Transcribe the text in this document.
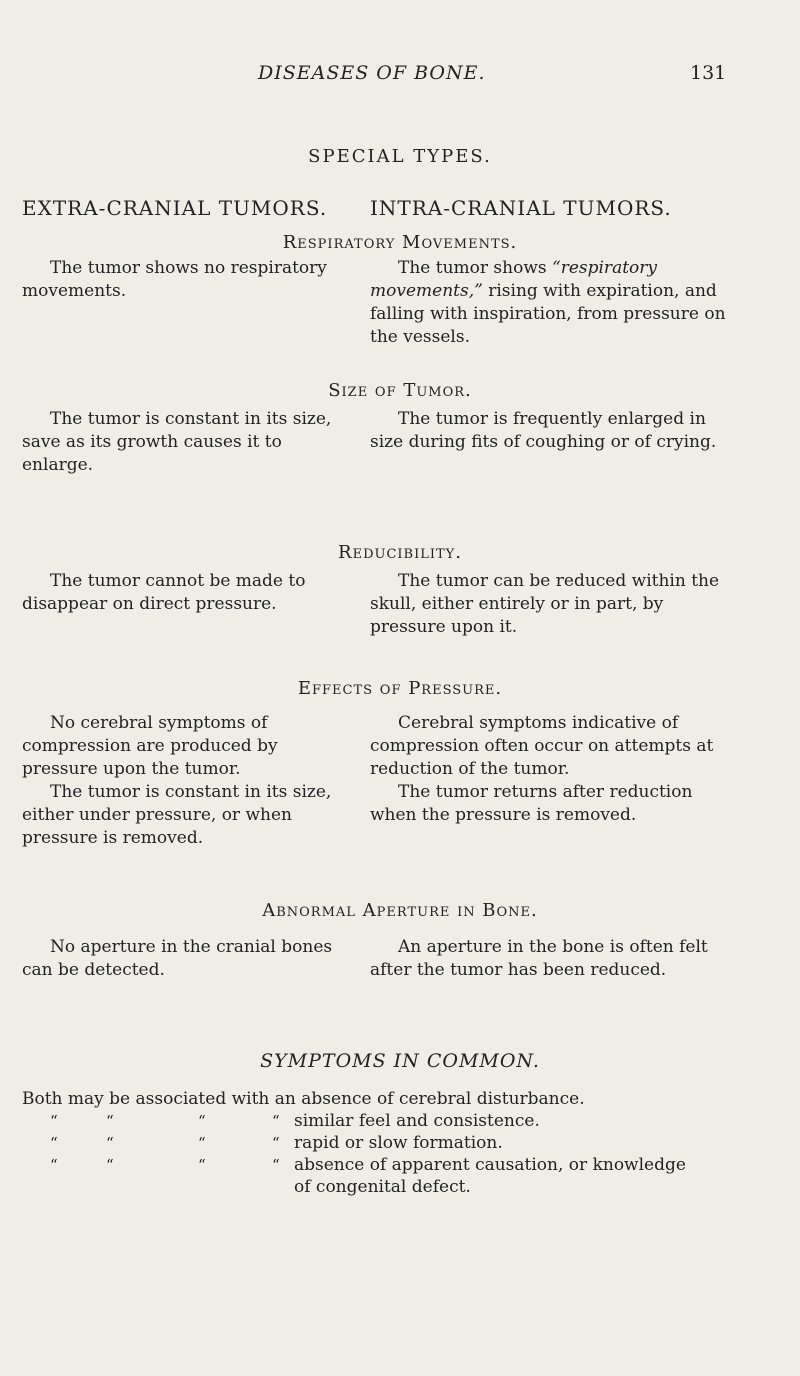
DISEASES OF BONE.	131
SPECIAL TYPES.
EXTRA-CRANIAL TUMORS. INTRA-CRANIAL TUMORS.
Respiratory Movements.

The tumor shows no respiratory movements.

The tumor shows “respiratory movements,” rising with expiration, and falling with inspiration, from pressure on the vessels.

Size of Tumor.

The tumor is constant in its size, save as its growth causes it to enlarge.

The tumor is frequently enlarged in size during fits of coughing or of crying.

Reducibility.

The tumor cannot be made to disappear on direct pressure.

The tumor can be reduced within the skull, either entirely or in part, by pressure upon it.

Effects of Pressure.

No cerebral symptoms of compression are produced by pressure upon the tumor.

The tumor is constant in its size, either under pressure, or when pressure is removed.

Cerebral symptoms indicative of compression often occur on attempts at reduction of the tumor.

The tumor returns after reduction when the pressure is removed.

Abnormal Aperture in Bone.

No aperture in the cranial bones can be detected.

An aperture in the bone is often felt after the tumor has been reduced.

SYMPTOMS IN COMMON.
Both may be associated with an absence of cerebral disturbance.
“	“	“	“ similar feel and consistence.
“	“	“	“ rapid or slow formation.
“	“	“	“ absence of apparent causation, or knowledge
of congenital defect.
